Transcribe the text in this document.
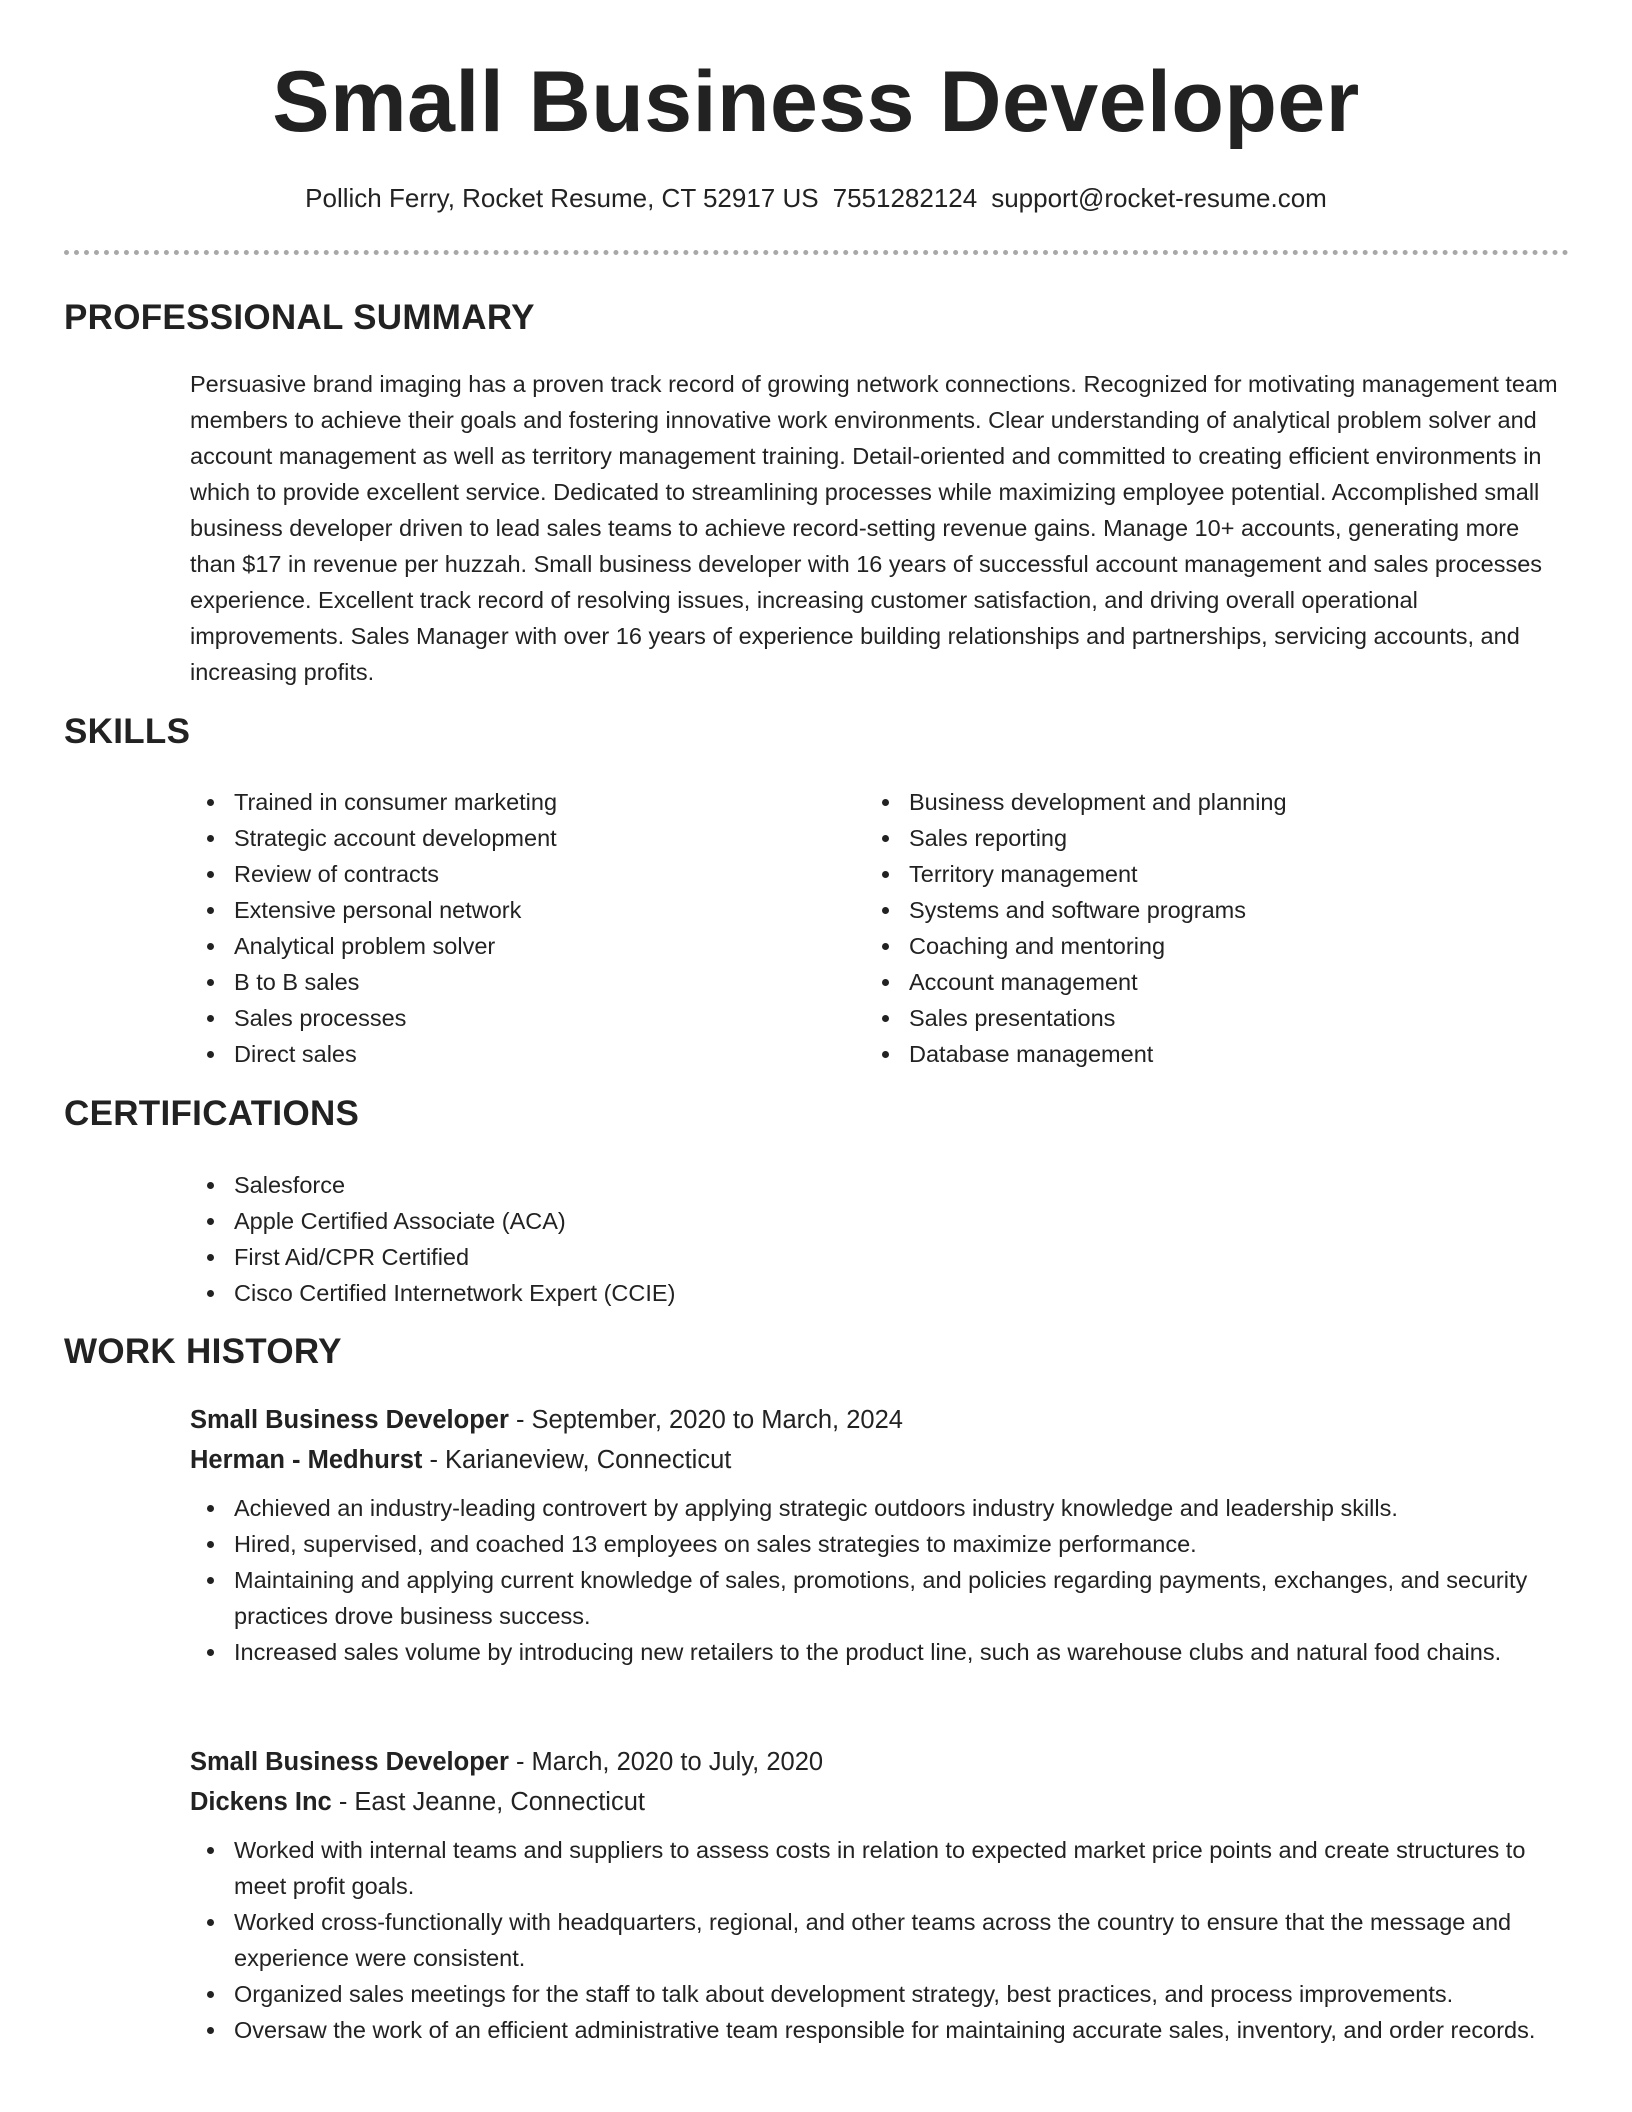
Small Business Developer
Pollich Ferry, Rocket Resume, CT 52917 US 7551282124 support@rocket-resume.com
PROFESSIONAL SUMMARY

Persuasive brand imaging has a proven track record of growing network connections. Recognized for motivating management team members to achieve their goals and fostering innovative work environments. Clear understanding of analytical problem solver and account management as well as territory management training. Detail-oriented and committed to creating efficient environments in which to provide excellent service. Dedicated to streamlining processes while maximizing employee potential. Accomplished small business developer driven to lead sales teams to achieve record-setting revenue gains. Manage 10+ accounts, generating more than $17 in revenue per huzzah. Small business developer with 16 years of successful account management and sales processes experience. Excellent track record of resolving issues, increasing customer satisfaction, and driving overall operational improvements. Sales Manager with over 16 years of experience building relationships and partnerships, servicing accounts, and increasing profits.

SKILLS
Trained in consumer marketing
Strategic account development
Review of contracts
Extensive personal network
Analytical problem solver
B to B sales
Sales processes
Direct sales
Business development and planning
Sales reporting
Territory management
Systems and software programs
Coaching and mentoring
Account management
Sales presentations
Database management
CERTIFICATIONS
Salesforce
Apple Certified Associate (ACA)
First Aid/CPR Certified
Cisco Certified Internetwork Expert (CCIE)
WORK HISTORY
Small Business Developer - September, 2020 to March, 2024
Herman - Medhurst - Karianeview, Connecticut
Achieved an industry-leading controvert by applying strategic outdoors industry knowledge and leadership skills.
Hired, supervised, and coached 13 employees on sales strategies to maximize performance.
Maintaining and applying current knowledge of sales, promotions, and policies regarding payments, exchanges, and security practices drove business success.
Increased sales volume by introducing new retailers to the product line, such as warehouse clubs and natural food chains.
Small Business Developer - March, 2020 to July, 2020
Dickens Inc - East Jeanne, Connecticut
Worked with internal teams and suppliers to assess costs in relation to expected market price points and create structures to meet profit goals.
Worked cross-functionally with headquarters, regional, and other teams across the country to ensure that the message and experience were consistent.
Organized sales meetings for the staff to talk about development strategy, best practices, and process improvements.
Oversaw the work of an efficient administrative team responsible for maintaining accurate sales, inventory, and order records.
